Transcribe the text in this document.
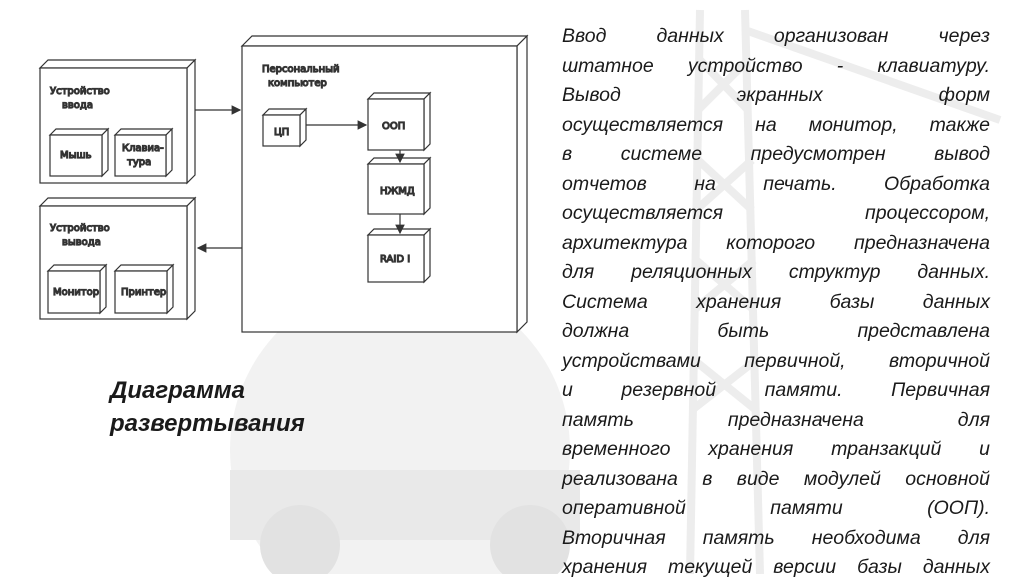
Устройство
ввода
Мышь
Клавиа-
тура
Устройство
вывода
Монитор Принтер
Персональный
компьютер
ЦП
ООП
НЖМД
RAID I
Диаграмма
развертывания
Ввод данных организован через
штатное устройство - клавиатуру.
Вывод экранных форм
осуществляется на монитор, также
в системе предусмотрен вывод
отчетов на печать. Обработка
осуществляется процессором,
архитектура которого предназначена
для реляционных структур данных.
Система хранения базы данных
должна быть представлена
устройствами первичной, вторичной
и резервной памяти. Первичная
память предназначена для
временного хранения транзакций и
реализована в виде модулей основной
оперативной памяти (ООП).
Вторичная память необходима для
хранения текущей версии базы данных
